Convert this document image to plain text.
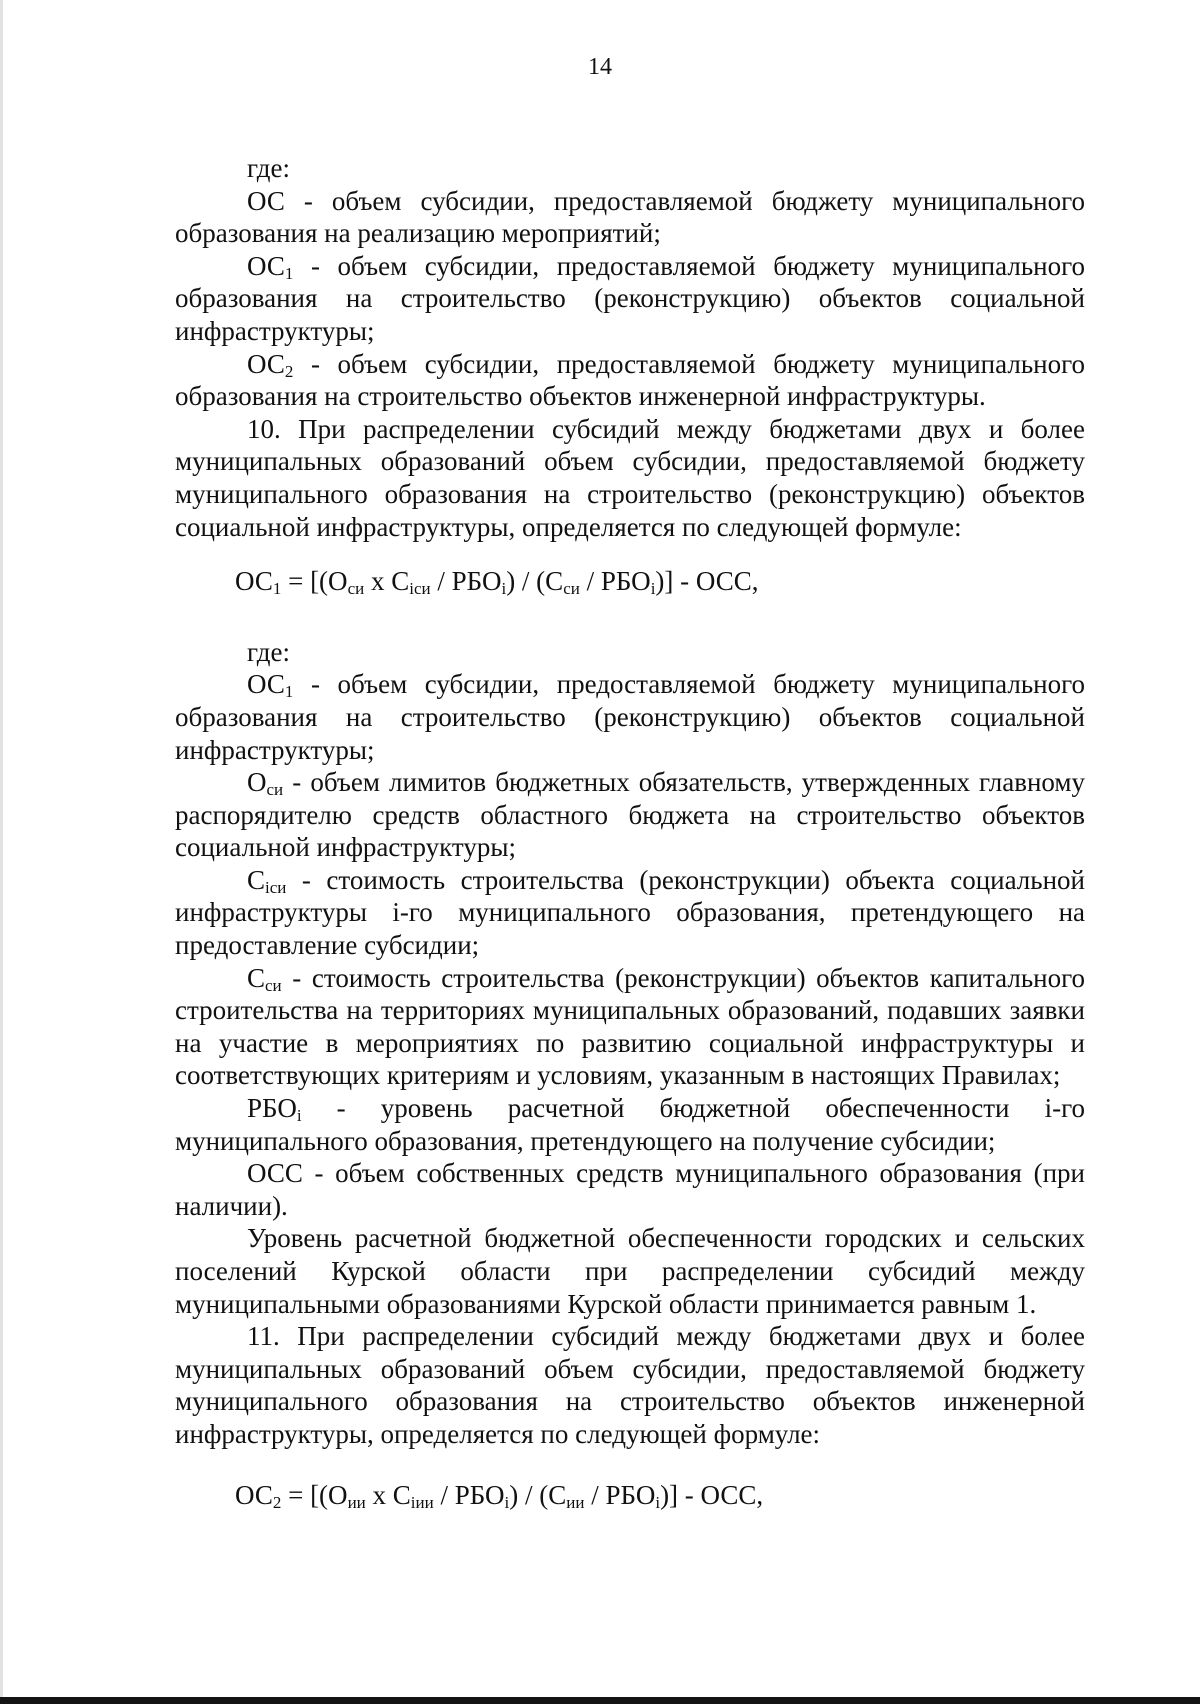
14

где:

ОС - объем субсидии, предоставляемой бюджету муниципального образования на реализацию мероприятий;

$ОС_1$ - объем субсидии, предоставляемой бюджету муниципального образования на строительство (реконструкцию) объектов социальной инфраструктуры;

$ОС_2$ - объем субсидии, предоставляемой бюджету муниципального образования на строительство объектов инженерной инфраструктуры.

10. При распределении субсидий между бюджетами двух и более муниципальных образований объем субсидии, предоставляемой бюджету муниципального образования на строительство (реконструкцию) объектов социальной инфраструктуры, определяется по следующей формуле:

$ОС_1 = [(О_{си}$ x $С_{iси} / РБО_i) / (С_{си} / РБО_i)$] - ОСС,

где:

$ОС_1$ - объем субсидии, предоставляемой бюджету муниципального образования на строительство (реконструкцию) объектов социальной инфраструктуры;

$О_{си}$ - объем лимитов бюджетных обязательств, утвержденных главному распорядителю средств областного бюджета на строительство объектов социальной инфраструктуры;

$С_{iси}$ - стоимость строительства (реконструкции) объекта социальной инфраструктуры i-го муниципального образования, претендующего на предоставление субсидии;

$С_{си}$ - стоимость строительства (реконструкции) объектов капитального строительства на территориях муниципальных образований, подавших заявки на участие в мероприятиях по развитию социальной инфраструктуры и соответствующих критериям и условиям, указанным в настоящих Правилах;

$РБО_i$ - уровень расчетной бюджетной обеспеченности i-го муниципального образования, претендующего на получение субсидии;

ОСС - объем собственных средств муниципального образования (при наличии).

Уровень расчетной бюджетной обеспеченности городских и сельских поселений Курской области при распределении субсидий между муниципальными образованиями Курской области принимается равным 1.

11. При распределении субсидий между бюджетами двух и более муниципальных образований объем субсидии, предоставляемой бюджету муниципального образования на строительство объектов инженерной инфраструктуры, определяется по следующей формуле:

$ОС_2 = [(О_{ии}$ x $С_{iии} / РБО_i) / (С_{ии} / РБО_i)$] - ОСС,
